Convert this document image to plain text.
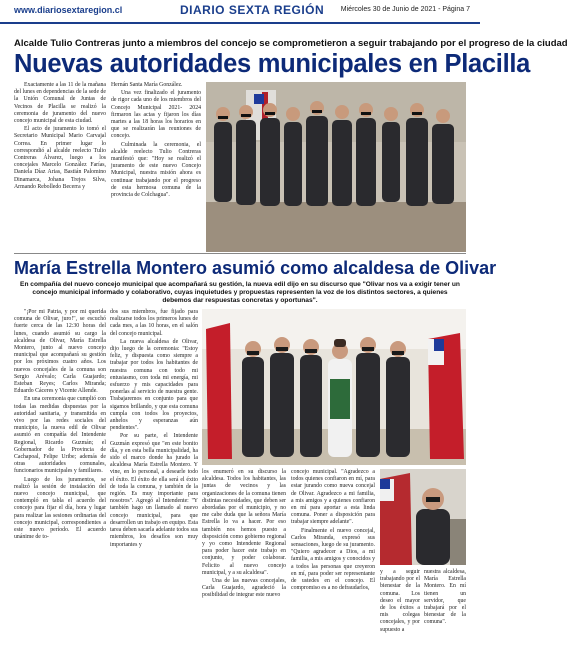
www.diariosextaregion.cl	DIARIO SEXTA REGIÓN Miércoles 30 de Junio de 2021 - Página 7
Alcalde Tulio Contreras junto a miembros del concejo se comprometieron a seguir trabajando por el progreso de la ciudad
Nuevas autoridades municipales en Placilla

Exactamente a las 11 de la mañana del lunes en dependencias de la sede de la Unión Comunal de Juntas de Vecinos de Placilla se realizó la ceremonia de juramento del nuevo concejo municipal de esta ciudad.

El acto de juramento lo tomó el Secretario Municipal Mario Carvajal Correa. En primer lugar lo correspondió al alcalde reelecto Tulio Contreras Álvarez, luego a los concejales Marcelo González Farías, Daniela Díaz Arias, Bastián Palomino Dinamarca, Johana Trejos Silva, Armando Rebolledo Becerra y

Hernán Santa María González.

Una vez finalizado el juramento de rigor cada uno de los miembros del Concejo Municipal 2021- 2024 firmaron las actas y fijaron los días martes a las 18 horas los horarios en que se realizarán las reuniones de concejo.

Culminada la ceremonia, el alcalde reelecto Tulio Contreras manifestó que: "Hoy se realizó el juramento de este nuevo Concejo Municipal, nuestra misión ahora es continuar trabajando por el progreso de esta hermosa comuna de la provincia de Colchagua".

María Estrella Montero asumió como alcaldesa de Olivar
En compañía del nuevo concejo municipal que acompañará su gestión, la nueva edil dijo en su discurso que "Olivar nos va a exigir tener un concejo municipal informado y colaborativo, cuyas inquietudes y propuestas representen la voz de los distintos sectores, a quienes debemos dar respuestas concretas y oportunas".

"¡Por mi Patria, y por mi querida comuna de Olivar, juro!", se escuchó fuerte cerca de las 12:30 horas del lunes, cuando asumió su cargo la alcaldesa de Olivar, María Estrella Montero, junto al nuevo concejo municipal que acompañará su gestión por los próximos cuatro años. Los nuevos concejales de la comuna son Sergio Arévalo; Carla Guajardo; Esteban Reyes; Carlos Miranda; Eduardo Cáceres y Vicente Allende.

En una ceremonia que cumplió con todas las medidas dispuestas por la autoridad sanitaria, y transmitida en vivo por las redes sociales del municipio, la nueva edil de Olivar asumió en compañía del Intendente Regional, Ricardo Guzmán; el Gobernador de la Provincia de Cachapoal, Felipe Uribe; además de otras autoridades comunales, funcionarios municipales y familiares.

Luego de los juramentos, se realizó la sesión de instalación del nuevo concejo municipal, que contempló en tabla el acuerdo del concejo para fijar el día, hora y lugar para realizar las sesiones ordinarias del concejo municipal, correspondientes a este nuevo período. El acuerdo unánime de to-

dos sus miembros, fue fijado para realizarse todos los primeros lunes de cada mes, a las 10 horas, en el salón del concejo municipal.

La nueva alcaldesa de Olivar, dijo luego de la ceremonia: "Estoy feliz, y dispuesta como siempre a trabajar por todos los habitantes de nuestra comuna con todo mi entusiasmo, con toda mi energía, mi esfuerzo y mis capacidades para ponerlas al servicio de nuestra gente. Trabajaremos en conjunto para que sigamos brillando, y que esta comuna cumpla con todos los proyectos, anhelos y esperanzas aún pendientes".

Por su parte, el Intendente Guzmán expresó que "en este bonito día, y en esta bella municipalidad, ha sido el marco donde ha jurado la alcaldesa María Estrella Montero. Y vine, en lo personal, a desearle todo el éxito. El éxito de ella será el éxito de toda la comuna, y también de la región. Es muy importante para nosotros". Agregó al Intendente: "Y también hago un llamado al nuevo concejo municipal, para que desarrollen un trabajo en equipo. Esta tarea deben sacarla adelante todos sus miembros, los desafíos son muy importantes y

los enumeró en su discurso la alcaldesa. Todos los habitantes, las juntas de vecinos y las organizaciones de la comuna tienen distintas necesidades, que deben ser abordadas por el municipio, y no me cabe duda que la señora María Estrella lo va a hacer. Por eso también nos hemos puesto a disposición como gobierno regional y yo como Intendente Regional para poder hacer este trabajo en conjunto, y poder colaborar. Felicito al nuevo concejo municipal, y a su alcaldesa".

Una de las nuevas concejales, Carla Guajardo, agradeció la posibilidad de integrar este nuevo

concejo municipal. "Agradezco a todos quienes confiaron en mí, para estar jurando como nueva concejal de Olivar. Agradezco a mi familia, a mis amigos y a quienes confiaron en mí para aportar a esta linda comuna. Poner a disposición para trabajar siempre adelante".

Finalmente el nuevo concejal, Carlos Miranda, expresó sus sensaciones, luego de su juramento. "Quiero agradecer a Dios, a mi familia, a mis amigos y conocidos y a todos las personas que creyeron en mí, para poder ser representante de ustedes en el concejo. El compromiso es a no defraudarlos,

y a seguir trabajando por el bienestar de la comuna. Los deseo el mayor de los éxitos a mis colegas concejales, y por supuesto a

nuestra alcaldesa, María Estrella Montero. En mí tienen un servidor, que trabajará por el bienestar de la comuna".
